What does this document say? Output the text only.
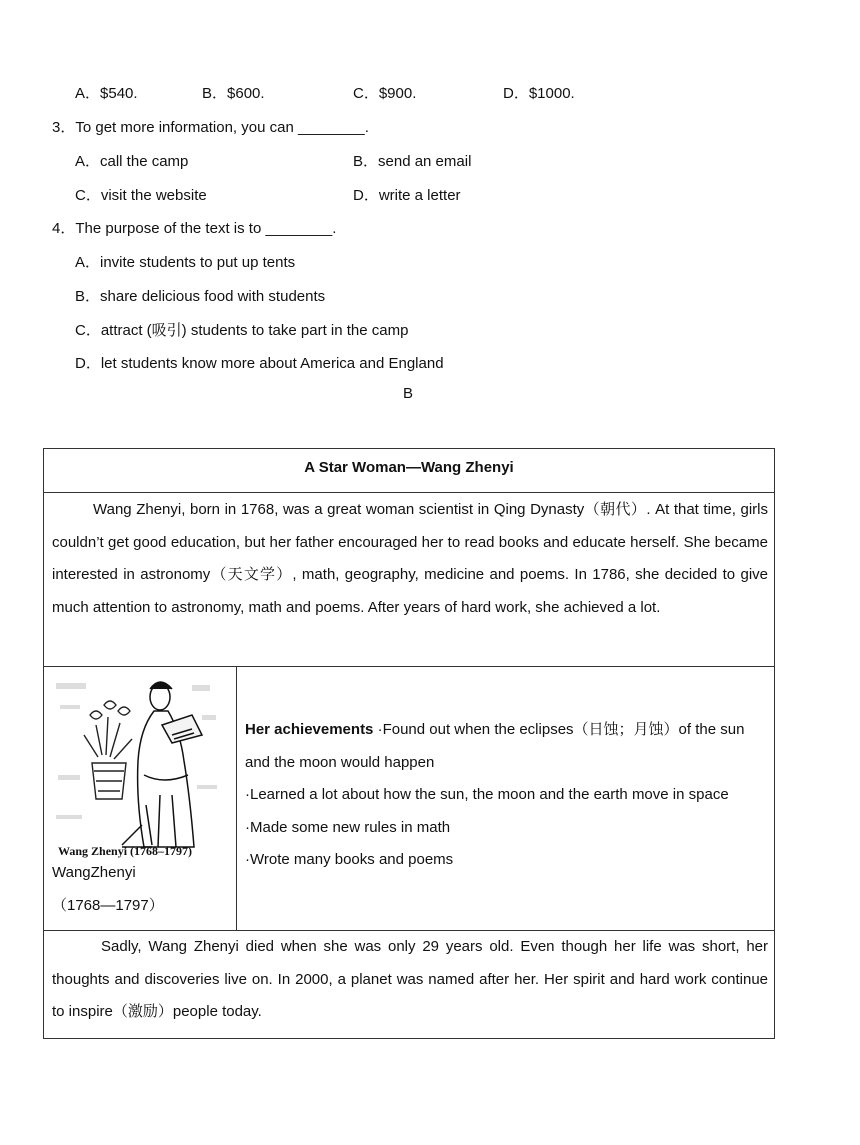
A．$540.	B．$600.	C．$900.	D．$1000.
3．To get more information, you can ________.
A．call the camp	B．send an email
C．visit the website	D．write a letter
4．The purpose of the text is to ________.
A．invite students to put up tents
B．share delicious food with students
C．attract (吸引) students to take part in the camp
D．let students know more about America and England
B
A Star Woman—Wang Zhenyi
Wang Zhenyi, born in 1768, was a great woman scientist in Qing Dynasty（朝代）. At that time, girls couldn’t get good education, but her father encouraged her to read books and educate herself. She became interested in astronomy（天文学）, math, geography, medicine and poems. In 1786, she decided to give much attention to astronomy, math and poems. After years of hard work, she achieved a lot.
Wang Zhenyi (1768–1797)
WangZhenyi
（1768—1797）
Her achievements ·Found out when the eclipses（日蚀；月蚀）of the sun
and the moon would happen
·Learned a lot about how the sun, the moon and the earth move in space
·Made some new rules in math
·Wrote many books and poems
Sadly, Wang Zhenyi died when she was only 29 years old. Even though her life was short, her thoughts and discoveries live on. In 2000, a planet was named after her. Her spirit and hard work continue to inspire（激励）people today.
